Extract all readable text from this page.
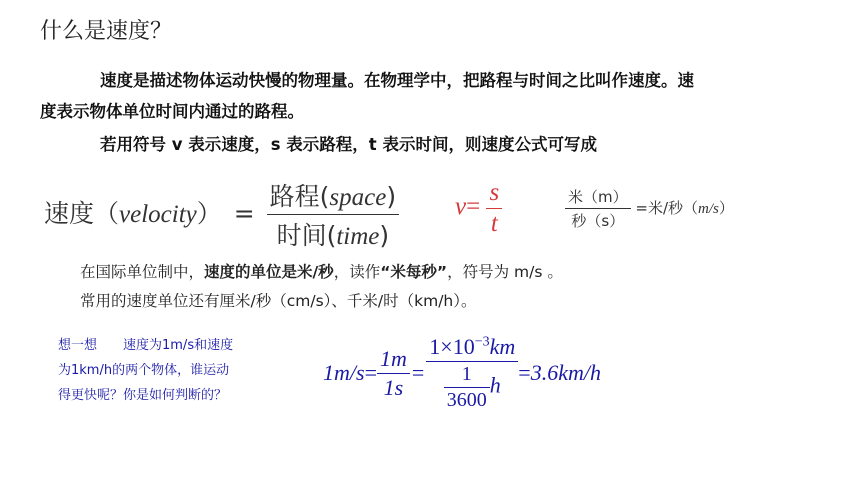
什么是速度？
速度是描述物体运动快慢的物理量。在物理学中，把路程与时间之比叫作速度。速
度表示物体单位时间内通过的路程。
若用符号 v 表示速度，s 表示路程，t 表示时间，则速度公式可写成
速度（velocity） = $\frac{\text{路程(space)}}{\text{时间(time)}} v= \frac{s}{t}$	$\frac{\text{米（m）}}{\text{秒（s）}}$ =米/秒（m/s）
在国际单位制中，速度的单位是米/秒，读作“米每秒”，符号为 m/s 。
常用的速度单位还有厘米/秒（cm/s）、千米/时（km/h）。
想一想　　速度为1m/s和速度
为1km/h的两个物体，谁运动
得更快呢？你是如何判断的？
$1m/s= \frac{1m}{1s} = \frac{1\times 10^{-3}km}{\frac{1}{3600} h} =3.6km/h$
